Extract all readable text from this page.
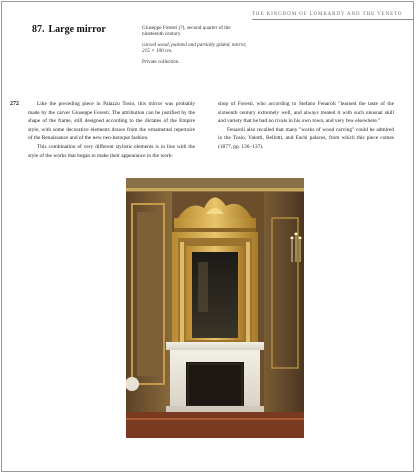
THE KINGDOM OF LOMBARDY AND THE VENETO
87. Large mirror	Giuseppe Foresti (?), second quarter of the nineteenth century

carved wood, painted and partially gilded, mirror, 215 × 100 cm.

Private collection.

272	Like the preceding piece in Palazzo Tosio, this mirror was probably made by the carver Giuseppe Foresti. The attribution can be justified by the shape of the frame, still designed according to the dictates of the Empire style, with some decorative elements drawn from the ornamental repertoire of the Renaissance and of the new neo-baroque fashion.

This combination of very different stylistic elements is in line with the style of the works that began to make their appearance in the work-

shop of Foresti, who according to Stefano Fenaroli "learned the taste of the sixteenth century extremely well, and always treated it with such unusual skill and variety that he had no rivals in his own town, and very few elsewhere."

Fenaroli also recalled that many "works of wood carving" could be admired in the Tosio, Valotti, Bellotti, and Fachi palaces, from which this piece comes (1877, pp. 136–137).
